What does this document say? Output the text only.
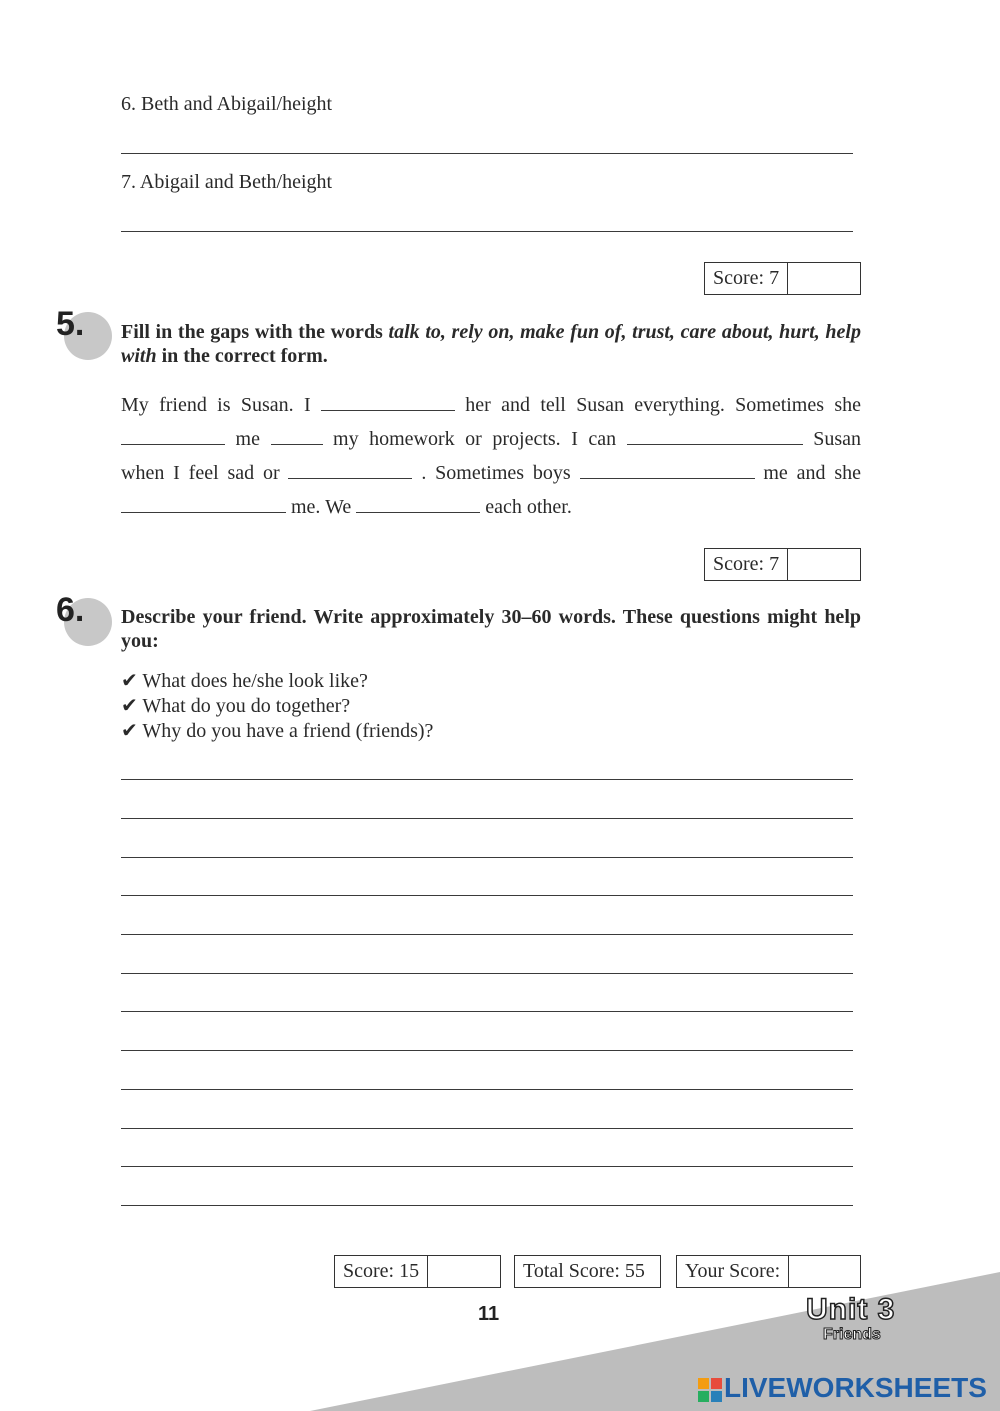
6. Beth and Abigail/height
7. Abigail and Beth/height
Score: 7
5. Fill in the gaps with the words talk to, rely on, make fun of, trust, care about, hurt, help with in the correct form.
My friend is Susan. I	her and tell Susan everything. Sometimes she
me	my homework or projects. I can	Susan
when I feel sad or	. Sometimes boys	me and she
me. We	each other.
Score: 7
6. Describe your friend. Write approximately 30–60 words. These questions might help you:
✔ What does he/she look like?
✔ What do you do together?
✔ Why do you have a friend (friends)?
Score: 15	Total Score: 55	Your Score:
11	Unit 3
Friends
LIVEWORKSHEETS
